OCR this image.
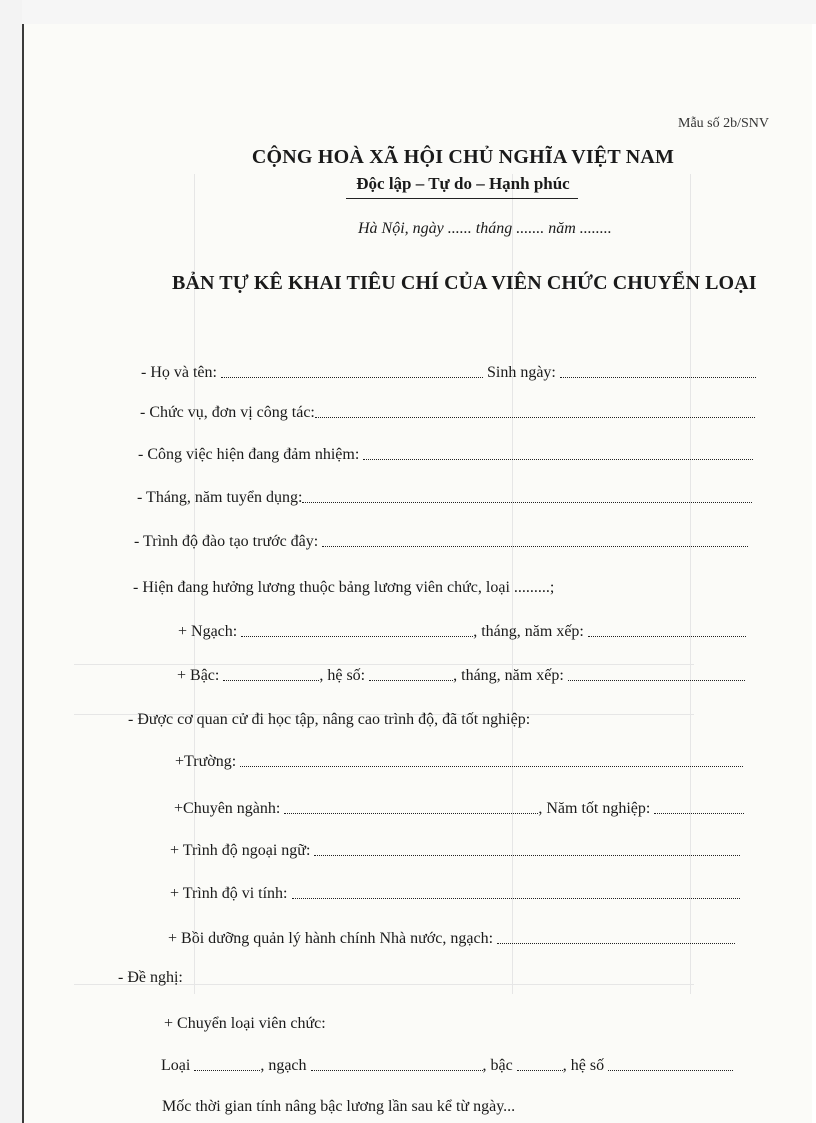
Mẫu số 2b/SNV
CỘNG HOÀ XÃ HỘI CHỦ NGHĨA VIỆT NAM
Độc lập – Tự do – Hạnh phúc
Hà Nội, ngày ...... tháng ....... năm ........
BẢN TỰ KÊ KHAI TIÊU CHÍ CỦA VIÊN CHỨC CHUYỂN LOẠI
- Họ và tên:	Sinh ngày:
- Chức vụ, đơn vị công tác:
- Công việc hiện đang đảm nhiệm:
- Tháng, năm tuyển dụng:
- Trình độ đào tạo trước đây:
- Hiện đang hưởng lương thuộc bảng lương viên chức, loại .........;
+ Ngạch:	, tháng, năm xếp:
+ Bậc:	, hệ số:	, tháng, năm xếp:
- Được cơ quan cử đi học tập, nâng cao trình độ, đã tốt nghiệp:
+Trường:
+Chuyên ngành:	, Năm tốt nghiệp:
+ Trình độ ngoại ngữ:
+ Trình độ vi tính:
+ Bồi dưỡng quản lý hành chính Nhà nước, ngạch:
- Đề nghị:
+ Chuyển loại viên chức:
Loại	, ngạch	, bậc	, hệ số
Mốc thời gian tính nâng bậc lương lần sau kể từ ngày...
